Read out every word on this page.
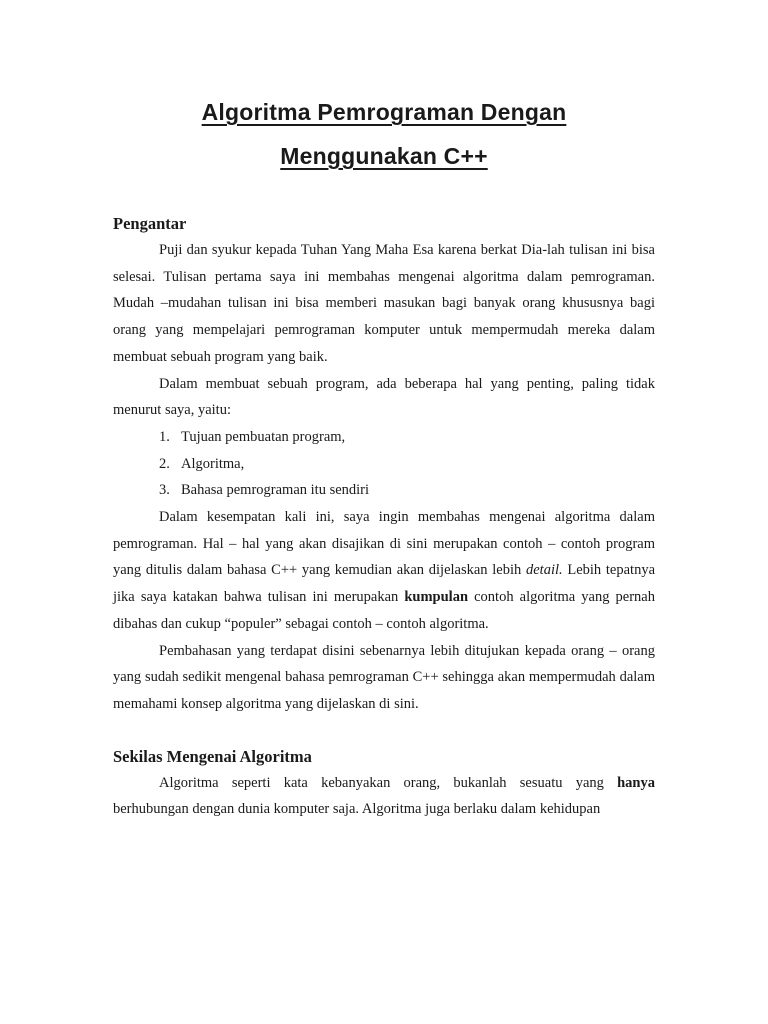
Algoritma Pemrograman Dengan
Menggunakan C++
Pengantar

Puji dan syukur kepada Tuhan Yang Maha Esa karena berkat Dia-lah tulisan ini bisa selesai. Tulisan pertama saya ini membahas mengenai algoritma dalam pemrograman. Mudah –mudahan tulisan ini bisa memberi masukan bagi banyak orang khususnya bagi orang yang mempelajari pemrograman komputer untuk mempermudah mereka dalam membuat sebuah program yang baik.

Dalam membuat sebuah program, ada beberapa hal yang penting, paling tidak menurut saya, yaitu:

1. Tujuan pembuatan program,
2. Algoritma,
3. Bahasa pemrograman itu sendiri

Dalam kesempatan kali ini, saya ingin membahas mengenai algoritma dalam pemrograman. Hal – hal yang akan disajikan di sini merupakan contoh – contoh program yang ditulis dalam bahasa C++ yang kemudian akan dijelaskan lebih detail. Lebih tepatnya jika saya katakan bahwa tulisan ini merupakan kumpulan contoh algoritma yang pernah dibahas dan cukup “populer” sebagai contoh – contoh algoritma.

Pembahasan yang terdapat disini sebenarnya lebih ditujukan kepada orang – orang yang sudah sedikit mengenal bahasa pemrograman C++ sehingga akan mempermudah dalam memahami konsep algoritma yang dijelaskan di sini.

Sekilas Mengenai Algoritma

Algoritma seperti kata kebanyakan orang, bukanlah sesuatu yang hanya berhubungan dengan dunia komputer saja. Algoritma juga berlaku dalam kehidupan
